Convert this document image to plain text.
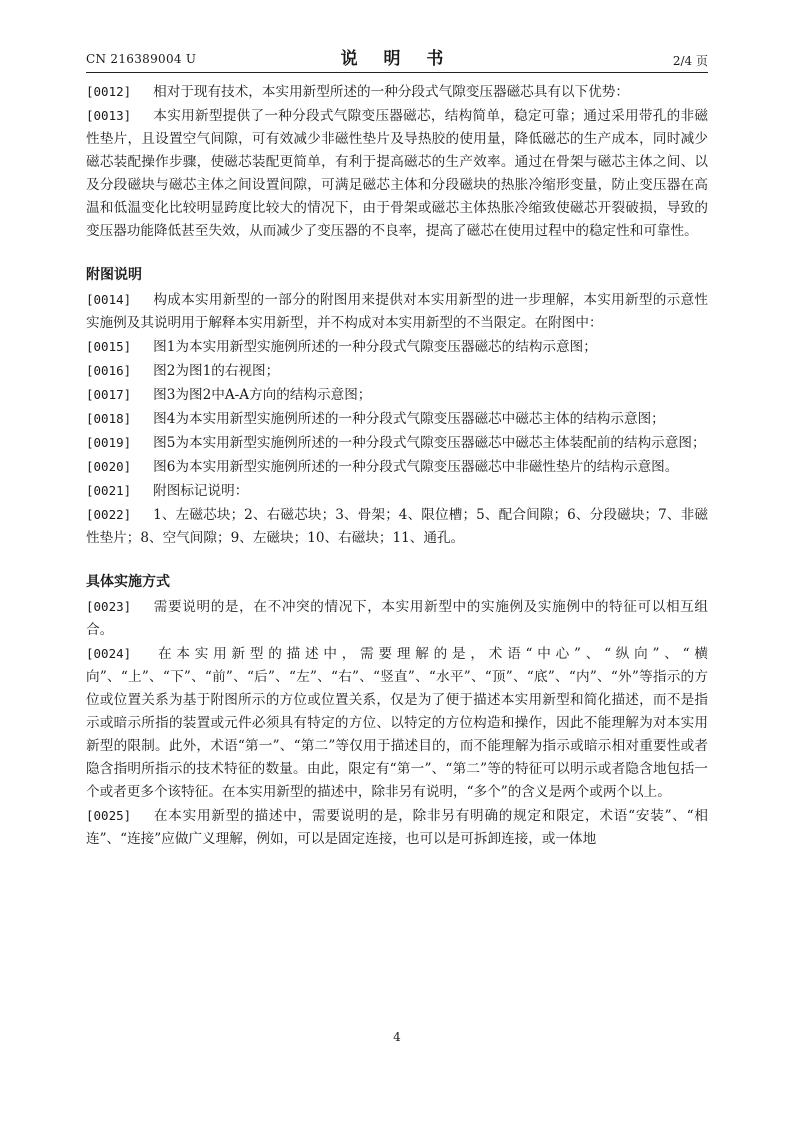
CN 216389004 U	说 明 书	2/4 页

[0012] 相对于现有技术，本实用新型所述的一种分段式气隙变压器磁芯具有以下优势：

[0013] 本实用新型提供了一种分段式气隙变压器磁芯，结构简单，稳定可靠；通过采用带孔的非磁性垫片，且设置空气间隙，可有效减少非磁性垫片及导热胶的使用量，降低磁芯的生产成本，同时减少磁芯装配操作步骤，使磁芯装配更简单，有利于提高磁芯的生产效率。通过在骨架与磁芯主体之间、以及分段磁块与磁芯主体之间设置间隙，可满足磁芯主体和分段磁块的热胀冷缩形变量，防止变压器在高温和低温变化比较明显跨度比较大的情况下，由于骨架或磁芯主体热胀冷缩致使磁芯开裂破损，导致的变压器功能降低甚至失效，从而减少了变压器的不良率，提高了磁芯在使用过程中的稳定性和可靠性。

附图说明

[0014] 构成本实用新型的一部分的附图用来提供对本实用新型的进一步理解，本实用新型的示意性实施例及其说明用于解释本实用新型，并不构成对本实用新型的不当限定。在附图中：

[0015] 图1为本实用新型实施例所述的一种分段式气隙变压器磁芯的结构示意图；

[0016] 图2为图1的右视图；

[0017] 图3为图2中A-A方向的结构示意图；

[0018] 图4为本实用新型实施例所述的一种分段式气隙变压器磁芯中磁芯主体的结构示意图；

[0019] 图5为本实用新型实施例所述的一种分段式气隙变压器磁芯中磁芯主体装配前的结构示意图；

[0020] 图6为本实用新型实施例所述的一种分段式气隙变压器磁芯中非磁性垫片的结构示意图。

[0021] 附图标记说明：

[0022] 1、左磁芯块；2、右磁芯块；3、骨架；4、限位槽；5、配合间隙；6、分段磁块；7、非磁性垫片；8、空气间隙；9、左磁块；10、右磁块；11、通孔。

具体实施方式

[0023] 需要说明的是，在不冲突的情况下，本实用新型中的实施例及实施例中的特征可以相互组合。

[0024] 在本实用新型的描述中，需要理解的是，术语“中心”、“纵向”、“横向”、“上”、“下”、“前”、“后”、“左”、“右”、“竖直”、“水平”、“顶”、“底”、“内”、“外”等指示的方位或位置关系为基于附图所示的方位或位置关系，仅是为了便于描述本实用新型和简化描述，而不是指示或暗示所指的装置或元件必须具有特定的方位、以特定的方位构造和操作，因此不能理解为对本实用新型的限制。此外，术语“第一”、“第二”等仅用于描述目的，而不能理解为指示或暗示相对重要性或者隐含指明所指示的技术特征的数量。由此，限定有“第一”、“第二”等的特征可以明示或者隐含地包括一个或者更多个该特征。在本实用新型的描述中，除非另有说明，“多个”的含义是两个或两个以上。

[0025] 在本实用新型的描述中，需要说明的是，除非另有明确的规定和限定，术语“安装”、“相连”、“连接”应做广义理解，例如，可以是固定连接，也可以是可拆卸连接，或一体地

4
